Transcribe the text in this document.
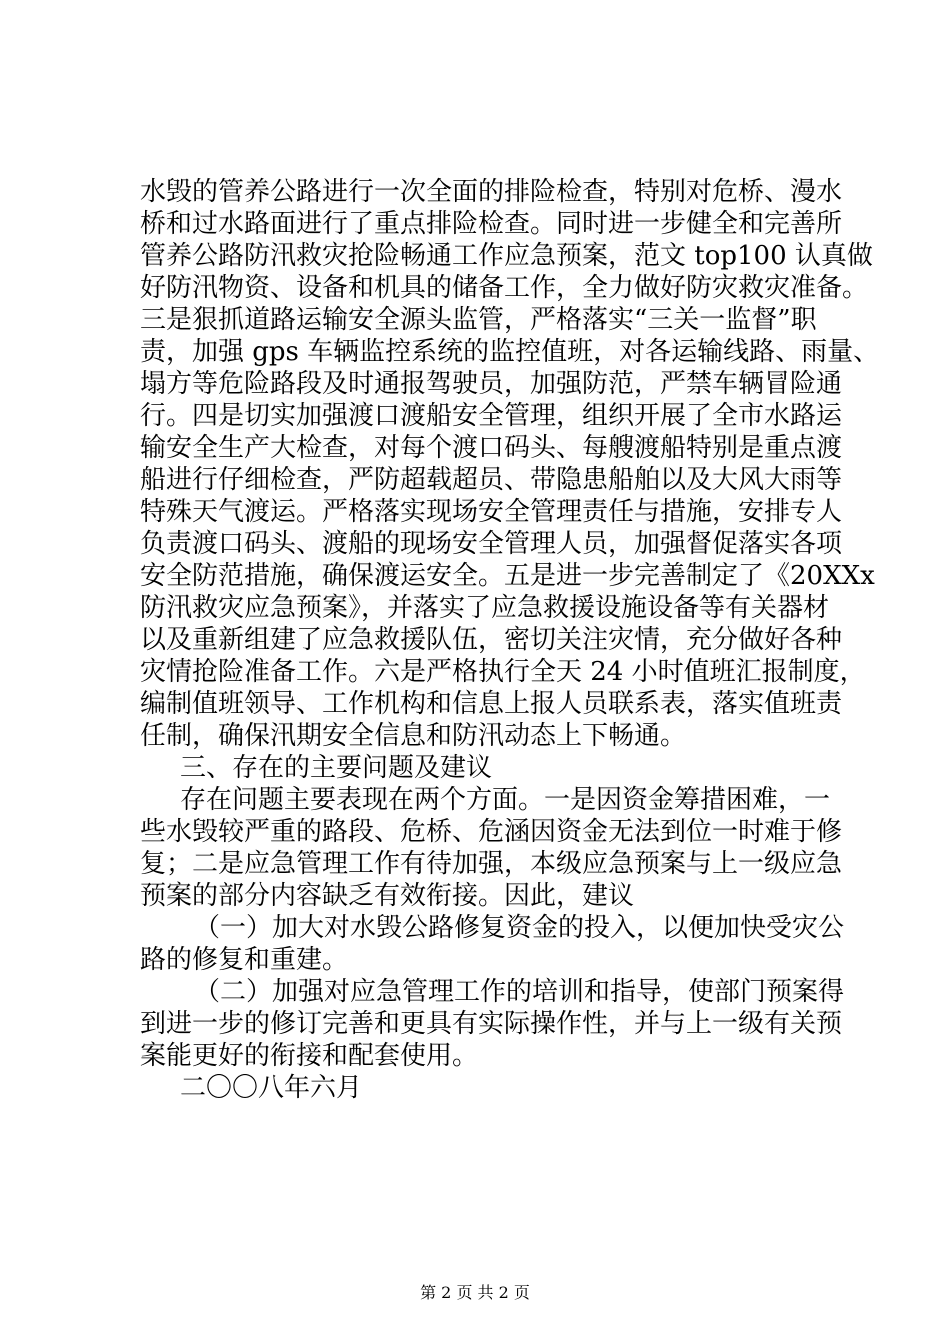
水毁的管养公路进行一次全面的排险检查，特别对危桥、漫水
桥和过水路面进行了重点排险检查。同时进一步健全和完善所
管养公路防汛救灾抢险畅通工作应急预案，范文 top100 认真做
好防汛物资、设备和机具的储备工作，全力做好防灾救灾准备。
三是狠抓道路运输安全源头监管，严格落实“三关一监督”职
责，加强 gps 车辆监控系统的监控值班，对各运输线路、雨量、
塌方等危险路段及时通报驾驶员，加强防范，严禁车辆冒险通
行。四是切实加强渡口渡船安全管理，组织开展了全市水路运
输安全生产大检查，对每个渡口码头、每艘渡船特别是重点渡
船进行仔细检查，严防超载超员、带隐患船舶以及大风大雨等
特殊天气渡运。严格落实现场安全管理责任与措施，安排专人
负责渡口码头、渡船的现场安全管理人员，加强督促落实各项
安全防范措施，确保渡运安全。五是进一步完善制定了《20XXx
防汛救灾应急预案》，并落实了应急救援设施设备等有关器材
以及重新组建了应急救援队伍，密切关注灾情，充分做好各种
灾情抢险准备工作。六是严格执行全天 24 小时值班汇报制度，
编制值班领导、工作机构和信息上报人员联系表，落实值班责
任制，确保汛期安全信息和防汛动态上下畅通。
三、存在的主要问题及建议
存在问题主要表现在两个方面。一是因资金筹措困难，一
些水毁较严重的路段、危桥、危涵因资金无法到位一时难于修
复；二是应急管理工作有待加强，本级应急预案与上一级应急
预案的部分内容缺乏有效衔接。因此，建议
（一）加大对水毁公路修复资金的投入，以便加快受灾公
路的修复和重建。
（二）加强对应急管理工作的培训和指导，使部门预案得
到进一步的修订完善和更具有实际操作性，并与上一级有关预
案能更好的衔接和配套使用。
二〇〇八年六月
第 2 页 共 2 页
